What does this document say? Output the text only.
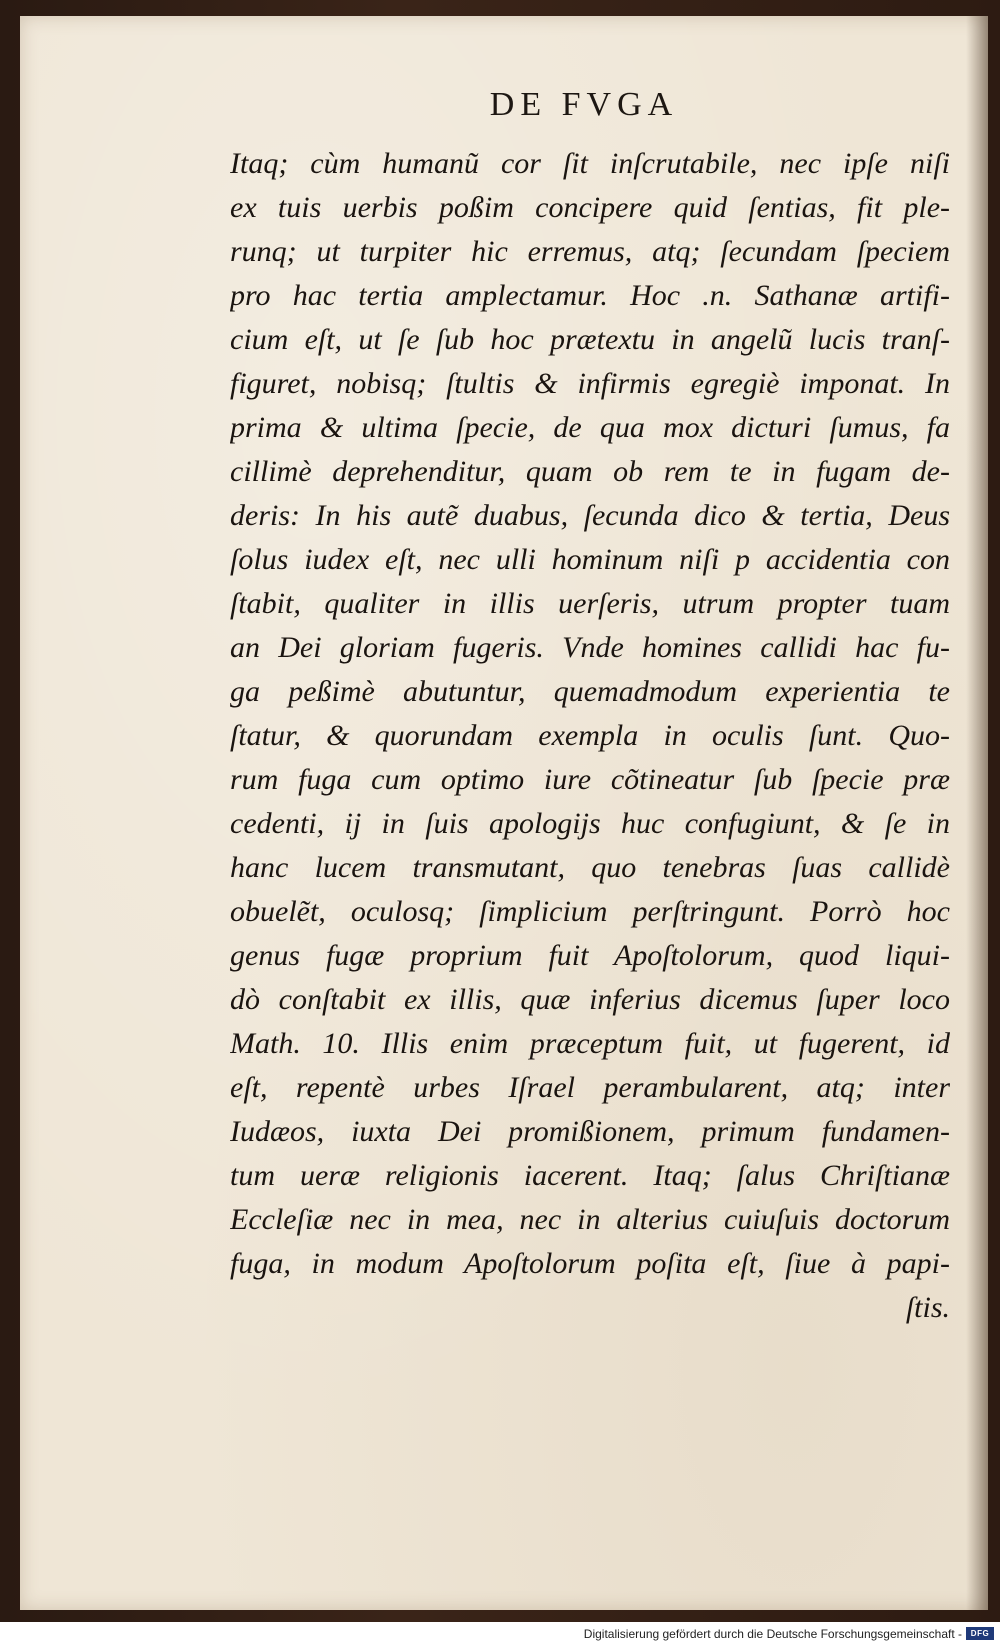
DE FVGA
Itaq; cùm humanũ cor ſit inſcrutabile, nec ipſe niſi
ex tuis uerbis poßim concipere quid ſentias, fit ple-
runq; ut turpiter hic erremus, atq; ſecundam ſpeciem
pro hac tertia amplectamur. Hoc .n. Sathanæ artifi-
cium eſt, ut ſe ſub hoc prætextu in angelũ lucis tranſ-
figuret, nobisq; ſtultis & infirmis egregiè imponat. In
prima & ultima ſpecie, de qua mox dicturi ſumus, fa
cillimè deprehenditur, quam ob rem te in fugam de-
deris: In his autẽ duabus, ſecunda dico & tertia, Deus
ſolus iudex eſt, nec ulli hominum niſi p accidentia con
ſtabit, qualiter in illis uerſeris, utrum propter tuam
an Dei gloriam fugeris. Vnde homines callidi hac fu-
ga peßimè abutuntur, quemadmodum experientia te
ſtatur, & quorundam exempla in oculis ſunt. Quo-
rum fuga cum optimo iure cõtineatur ſub ſpecie præ
cedenti, ij in ſuis apologijs huc confugiunt, & ſe in
hanc lucem transmutant, quo tenebras ſuas callidè
obuelẽt, oculosq; ſimplicium perſtringunt. Porrò hoc
genus fugæ proprium fuit Apoſtolorum, quod liqui-
dò conſtabit ex illis, quæ inferius dicemus ſuper loco
Math. 10. Illis enim præceptum fuit, ut fugerent, id
eſt, repentè urbes Iſrael perambularent, atq; inter
Iudæos, iuxta Dei promißionem, primum fundamen-
tum ueræ religionis iacerent. Itaq; ſalus Chriſtianæ
Eccleſiæ nec in mea, nec in alterius cuiuſuis doctorum
fuga, in modum Apoſtolorum poſita eſt, ſiue à papi-
ſtis.
Digitalisierung gefördert durch die Deutsche Forschungsgemeinschaft -	DFG
